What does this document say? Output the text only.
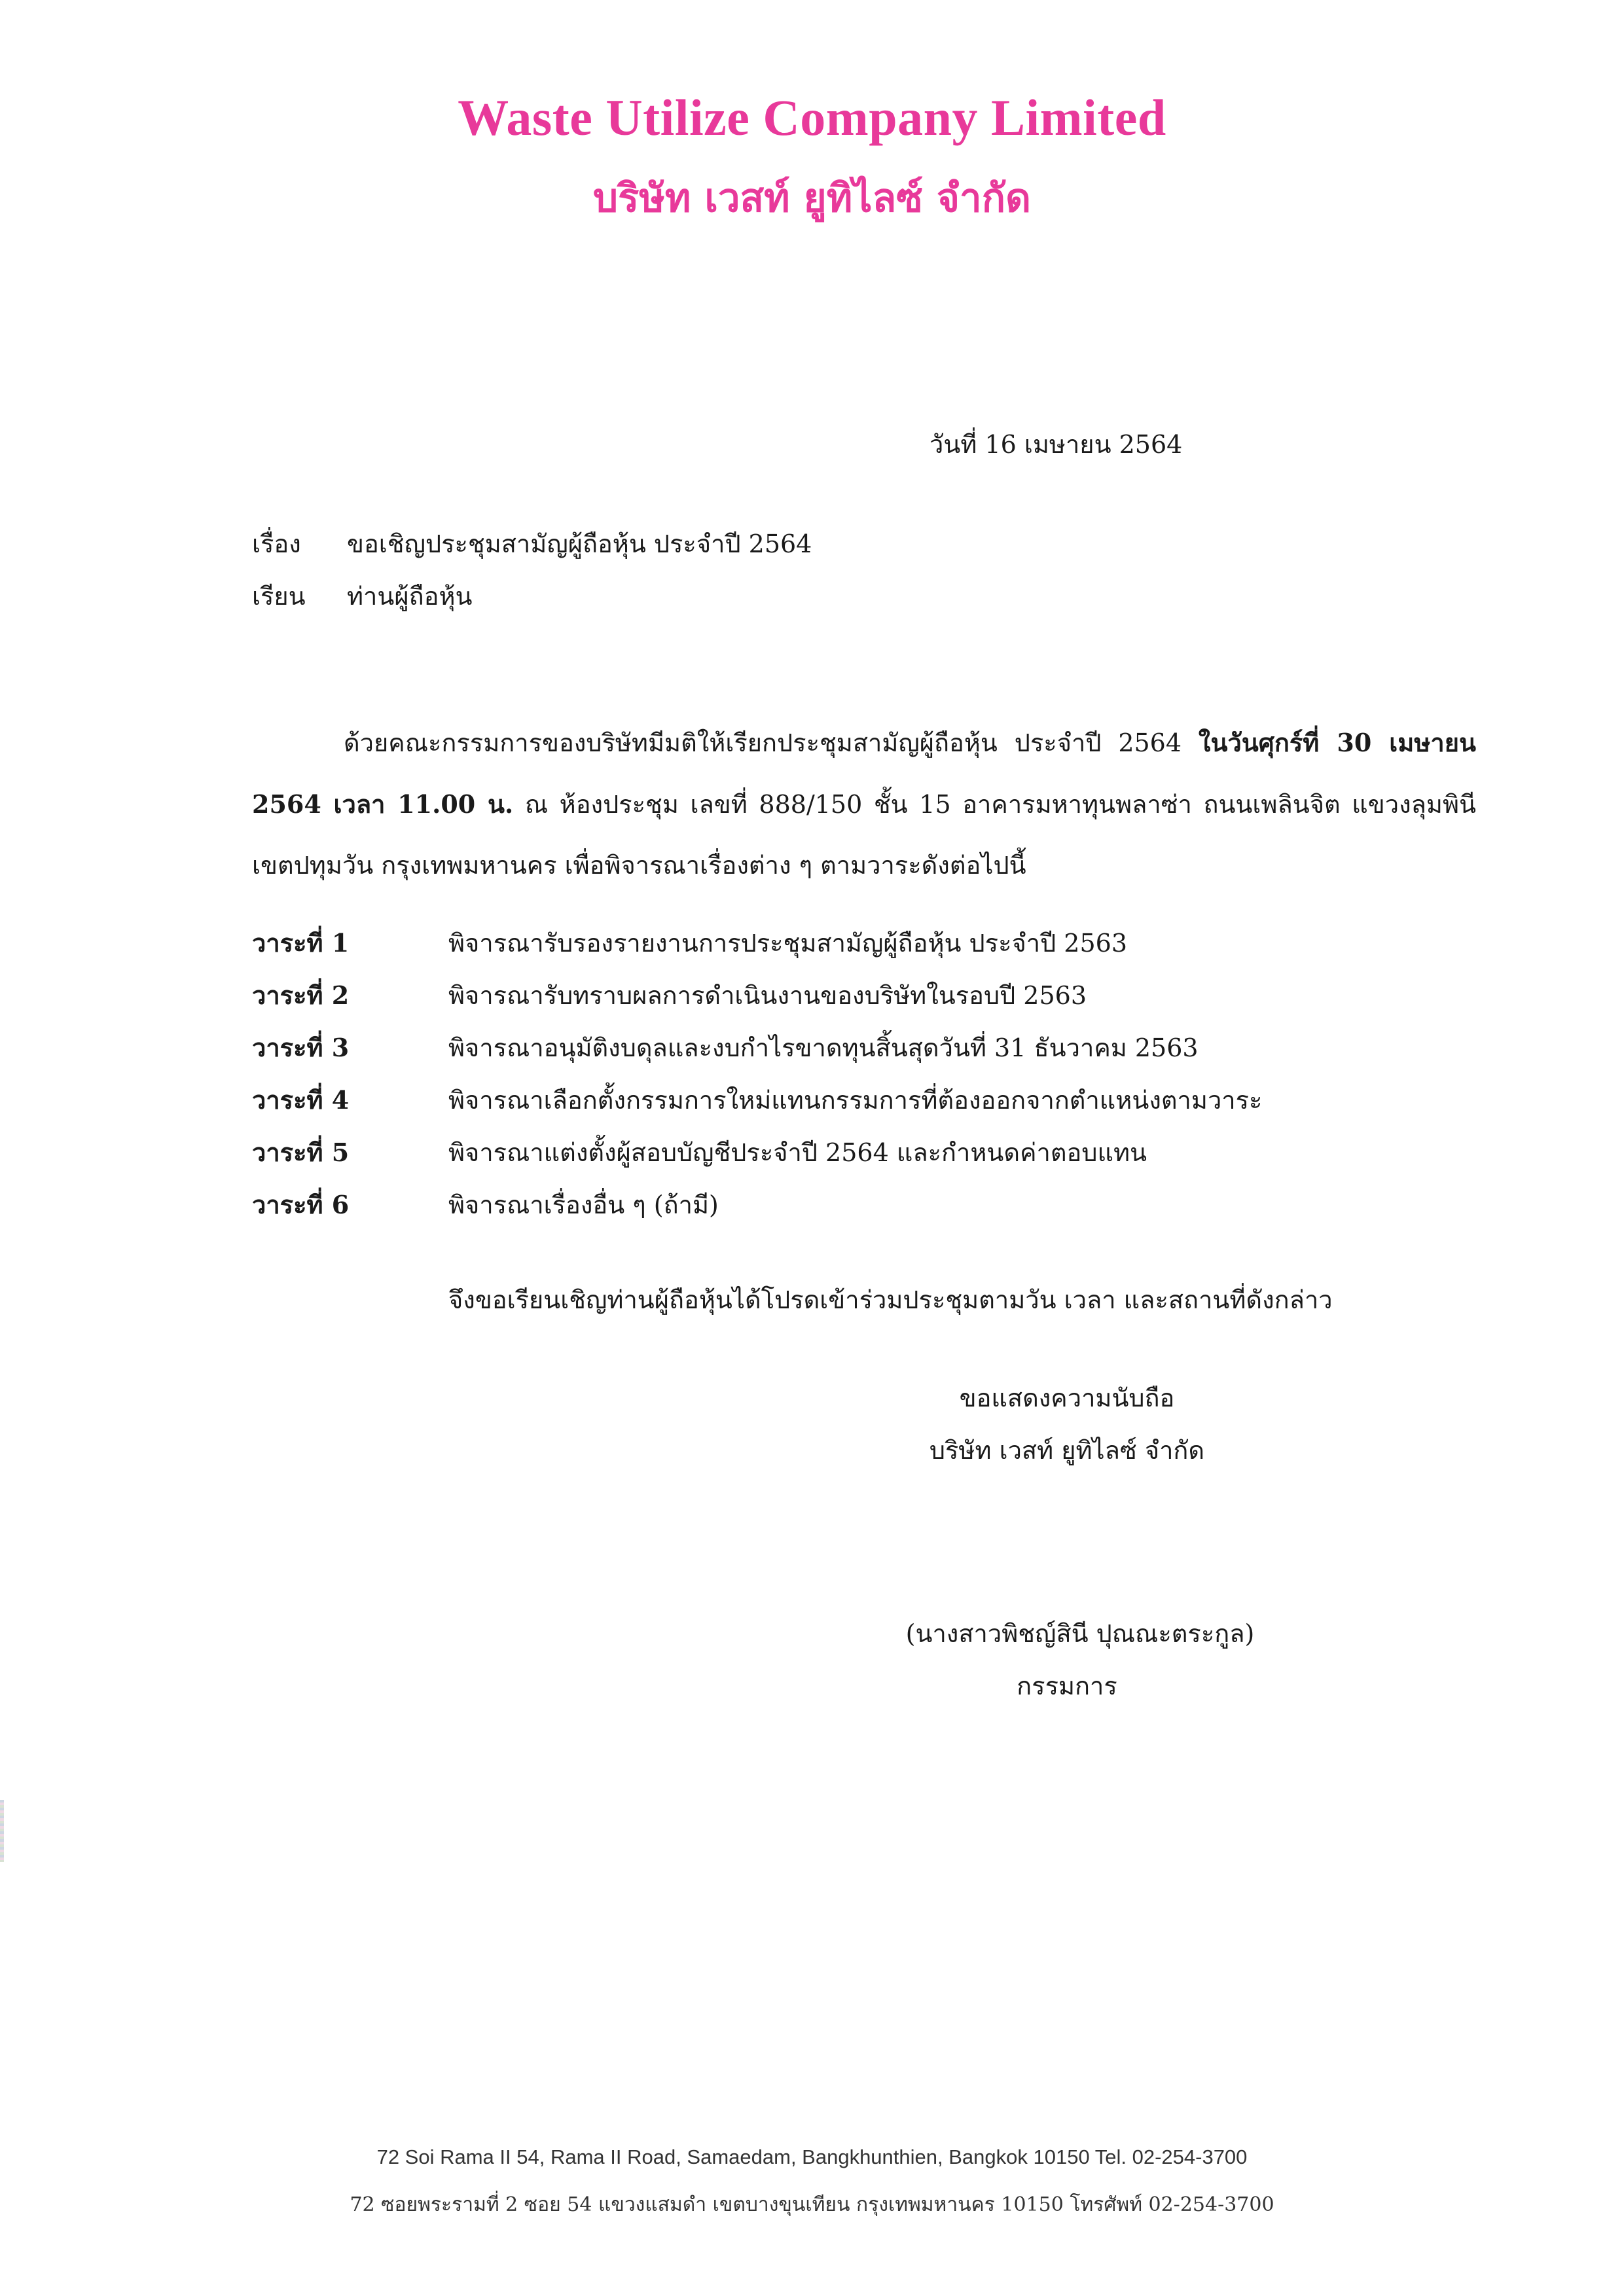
Waste Utilize Company Limited
บริษัท เวสท์ ยูทิไลซ์ จำกัด
วันที่ 16 เมษายน 2564
เรื่อง ขอเชิญประชุมสามัญผู้ถือหุ้น ประจำปี 2564
เรียน ท่านผู้ถือหุ้น
ด้วยคณะกรรมการของบริษัทมีมติให้เรียกประชุมสามัญผู้ถือหุ้น ประจำปี 2564 ในวันศุกร์ที่ 30 เมษายน 2564 เวลา 11.00 น. ณ ห้องประชุม เลขที่ 888/150 ชั้น 15 อาคารมหาทุนพลาซ่า ถนนเพลินจิต แขวงลุมพินี เขตปทุมวัน กรุงเทพมหานคร เพื่อพิจารณาเรื่องต่าง ๆ ตามวาระดังต่อไปนี้
วาระที่ 1	พิจารณารับรองรายงานการประชุมสามัญผู้ถือหุ้น ประจำปี 2563
วาระที่ 2	พิจารณารับทราบผลการดำเนินงานของบริษัทในรอบปี 2563
วาระที่ 3	พิจารณาอนุมัติงบดุลและงบกำไรขาดทุนสิ้นสุดวันที่ 31 ธันวาคม 2563
วาระที่ 4	พิจารณาเลือกตั้งกรรมการใหม่แทนกรรมการที่ต้องออกจากตำแหน่งตามวาระ
วาระที่ 5	พิจารณาแต่งตั้งผู้สอบบัญชีประจำปี 2564 และกำหนดค่าตอบแทน
วาระที่ 6	พิจารณาเรื่องอื่น ๆ (ถ้ามี)
จึงขอเรียนเชิญท่านผู้ถือหุ้นได้โปรดเข้าร่วมประชุมตามวัน เวลา และสถานที่ดังกล่าว
ขอแสดงความนับถือ
บริษัท เวสท์ ยูทิไลซ์ จำกัด
(นางสาวพิชญ์สินี ปุณณะตระกูล)
กรรมการ
72 Soi Rama II 54, Rama II Road, Samaedam, Bangkhunthien, Bangkok 10150 Tel. 02-254-3700
72 ซอยพระรามที่ 2 ซอย 54 แขวงแสมดำ เขตบางขุนเทียน กรุงเทพมหานคร 10150 โทรศัพท์ 02-254-3700
